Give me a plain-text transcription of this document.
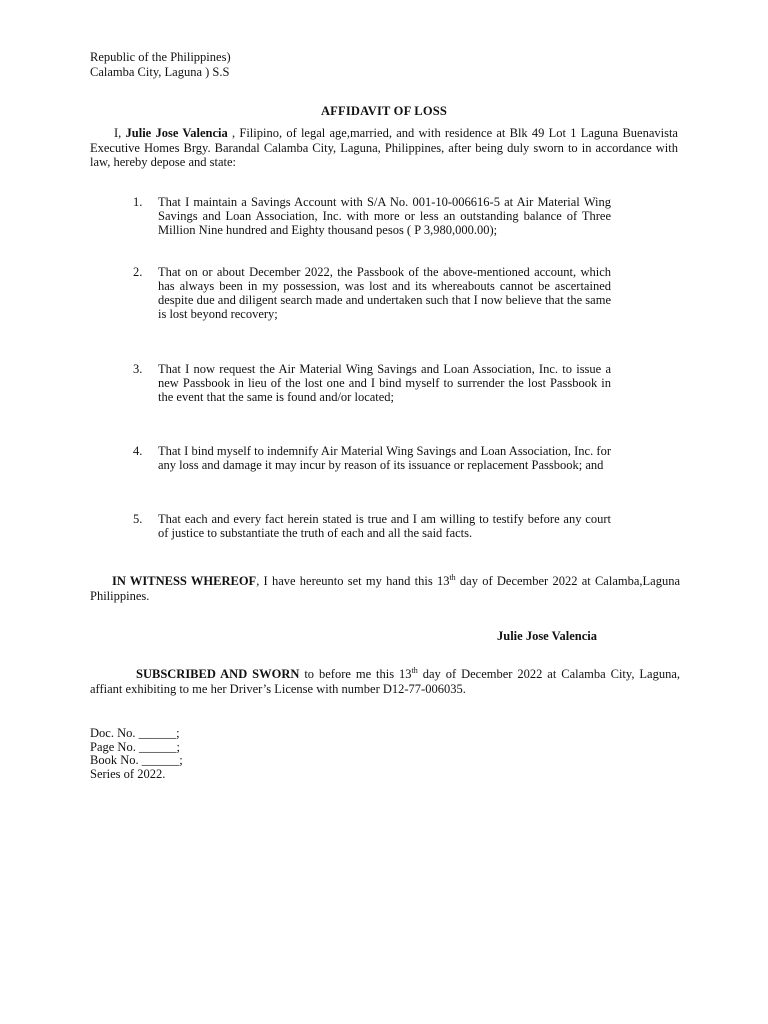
Republic of the Philippines)
Calamba City, Laguna ) S.S
AFFIDAVIT OF LOSS
I, Julie Jose Valencia , Filipino, of legal age,married, and with residence at Blk 49 Lot 1 Laguna Buenavista Executive Homes Brgy. Barandal Calamba City, Laguna, Philippines, after being duly sworn to in accordance with law, hereby depose and state:
1. That I maintain a Savings Account with S/A No. 001-10-006616-5 at Air Material Wing Savings and Loan Association, Inc. with more or less an outstanding balance of Three Million Nine hundred and Eighty thousand pesos ( P 3,980,000.00);
2. That on or about December 2022, the Passbook of the above-mentioned account, which has always been in my possession, was lost and its whereabouts cannot be ascertained despite due and diligent search made and undertaken such that I now believe that the same is lost beyond recovery;
3. That I now request the Air Material Wing Savings and Loan Association, Inc. to issue a new Passbook in lieu of the lost one and I bind myself to surrender the lost Passbook in the event that the same is found and/or located;
4. That I bind myself to indemnify Air Material Wing Savings and Loan Association, Inc. for any loss and damage it may incur by reason of its issuance or replacement Passbook; and
5. That each and every fact herein stated is true and I am willing to testify before any court of justice to substantiate the truth of each and all the said facts.
IN WITNESS WHEREOF, I have hereunto set my hand this 13th day of December 2022 at Calamba,Laguna Philippines.
Julie Jose Valencia
SUBSCRIBED AND SWORN to before me this 13th day of December 2022 at Calamba City, Laguna, affiant exhibiting to me her Driver’s License with number D12-77-006035.
Doc. No. ______;
Page No. ______;
Book No. ______;
Series of 2022.
